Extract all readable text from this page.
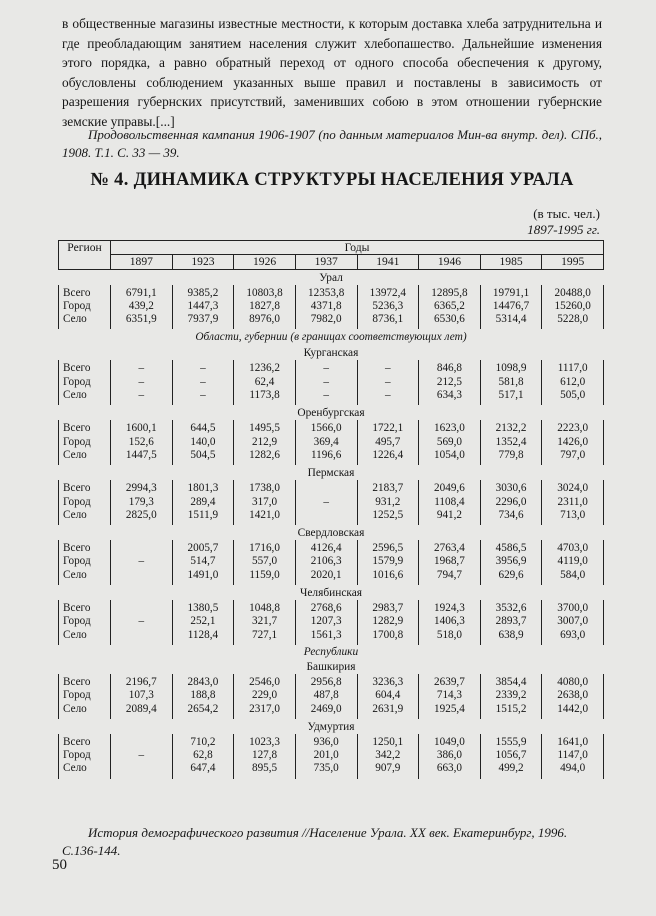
в общественные магазины известные местности, к которым доставка хлеба затруднительна и где преобладающим занятием населения служит хлебопашество. Дальнейшие изменения этого порядка, а равно обратный переход от одного способа обеспечения к другому, обусловлены соблюдением указанных выше правил и поставлены в зависимость от разрешения губернских присутствий, заменивших собою в этом отношении губернские земские управы.[...]
Продовольственная кампания 1906-1907 (по данным материалов Мин-ва внутр. дел). СПб., 1908. Т.1. С. 33 — 39.
№ 4. ДИНАМИКА СТРУКТУРЫ НАСЕЛЕНИЯ УРАЛА
(в тыс. чел.)
1897-1995 гг.
Регион	Годы							
	1897	1923	1926	1937	1941	1946	1985	1995
Урал								
Всего	6791,1	9385,2	10803,8	12353,8	13972,4	12895,8	19791,1	20488,0
Город	439,2	1447,3	1827,8	4371,8	5236,3	6365,2	14476,7	15260,0
Село	6351,9	7937,9	8976,0	7982,0	8736,1	6530,6	5314,4	5228,0
Области, губернии (в границах соответствующих лет)								
Курганская								
Всего	–	–	1236,2	–	–	846,8	1098,9	1117,0
Город	–	–	62,4	–	–	212,5	581,8	612,0
Село	–	–	1173,8	–	–	634,3	517,1	505,0
Оренбургская								
Всего	1600,1	644,5	1495,5	1566,0	1722,1	1623,0	2132,2	2223,0
Город	152,6	140,0	212,9	369,4	495,7	569,0	1352,4	1426,0
Село	1447,5	504,5	1282,6	1196,6	1226,4	1054,0	779,8	797,0
Пермская								
Всего	2994,3	1801,3	1738,0		2183,7	2049,6	3030,6	3024,0
Город	179,3	289,4	317,0	–	931,2	1108,4	2296,0	2311,0
Село	2825,0	1511,9	1421,0		1252,5	941,2	734,6	713,0
Свердловская								
Всего		2005,7	1716,0	4126,4	2596,5	2763,4	4586,5	4703,0
Город	–	514,7	557,0	2106,3	1579,9	1968,7	3956,9	4119,0
Село		1491,0	1159,0	2020,1	1016,6	794,7	629,6	584,0
Челябинская								
Всего		1380,5	1048,8	2768,6	2983,7	1924,3	3532,6	3700,0
Город	–	252,1	321,7	1207,3	1282,9	1406,3	2893,7	3007,0
Село		1128,4	727,1	1561,3	1700,8	518,0	638,9	693,0
Республики								
Башкирия								
Всего	2196,7	2843,0	2546,0	2956,8	3236,3	2639,7	3854,4	4080,0
Город	107,3	188,8	229,0	487,8	604,4	714,3	2339,2	2638,0
Село	2089,4	2654,2	2317,0	2469,0	2631,9	1925,4	1515,2	1442,0
Удмуртия								
Всего		710,2	1023,3	936,0	1250,1	1049,0	1555,9	1641,0
Город	–	62,8	127,8	201,0	342,2	386,0	1056,7	1147,0
Село		647,4	895,5	735,0	907,9	663,0	499,2	494,0
История демографического развития //Население Урала. XX век. Екатеринбург, 1996. С.136-144.
50
